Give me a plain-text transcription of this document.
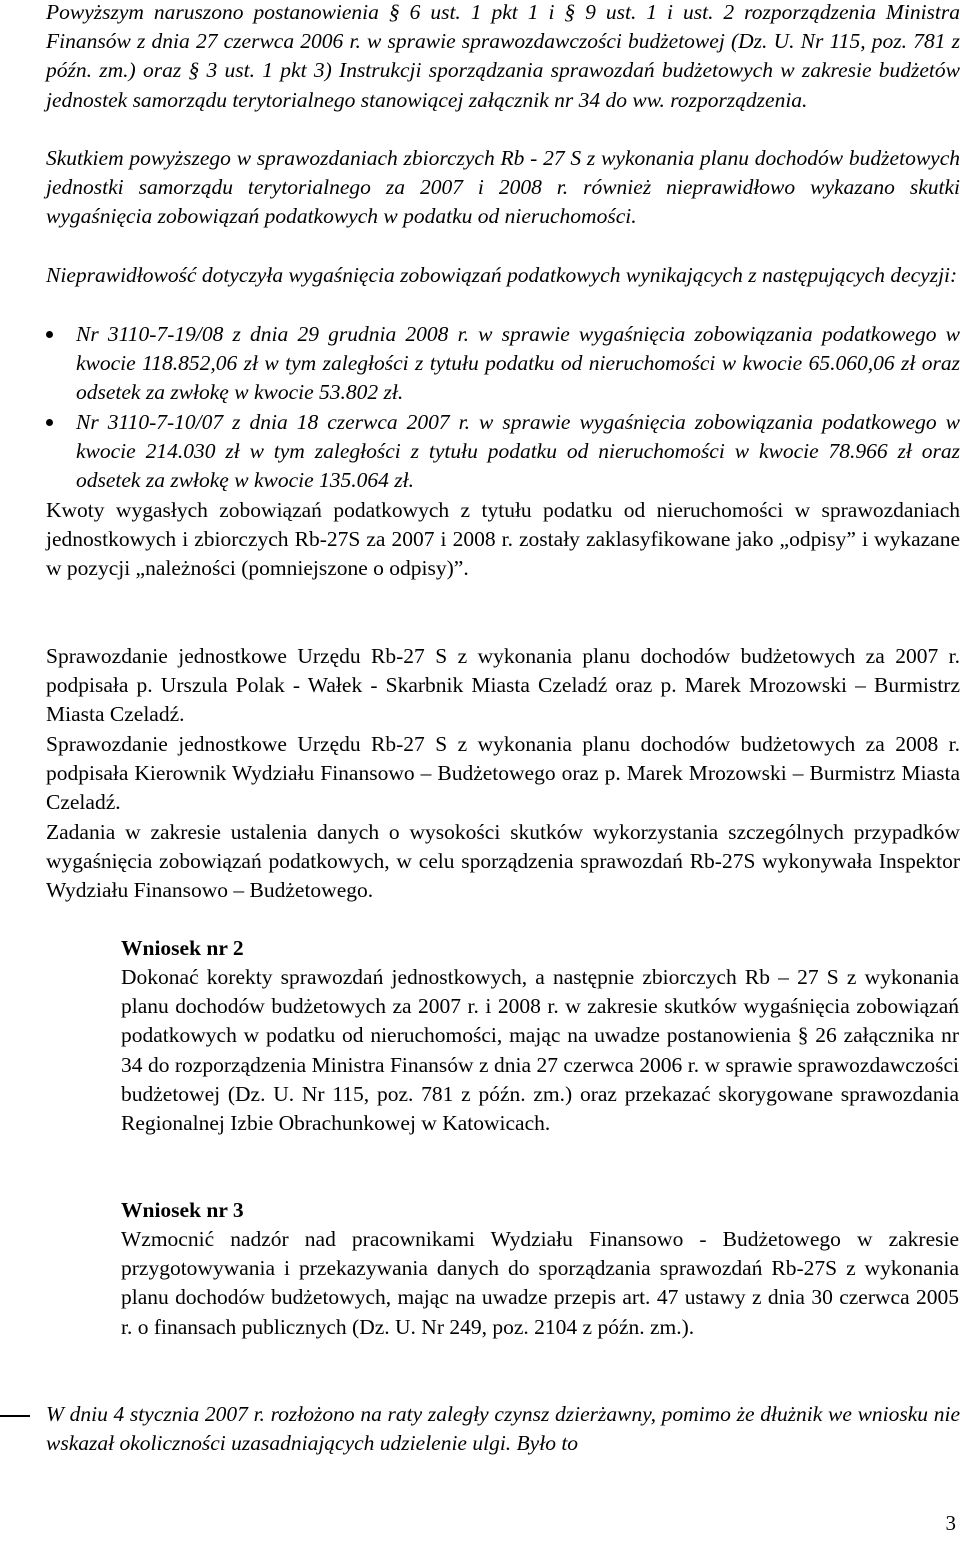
Powyższym naruszono postanowienia § 6 ust. 1 pkt 1 i § 9 ust. 1 i ust. 2 rozporządzenia Ministra Finansów z dnia 27 czerwca 2006 r. w sprawie sprawozdawczości budżetowej (Dz. U. Nr 115, poz. 781 z późn. zm.) oraz § 3 ust. 1 pkt 3) Instrukcji sporządzania sprawozdań budżetowych w zakresie budżetów jednostek samorządu terytorialnego stanowiącej załącznik nr 34 do ww. rozporządzenia.

Skutkiem powyższego w sprawozdaniach zbiorczych Rb - 27 S z wykonania planu dochodów budżetowych jednostki samorządu terytorialnego za 2007 i 2008 r. również nieprawidłowo wykazano skutki wygaśnięcia zobowiązań podatkowych w podatku od nieruchomości.

Nieprawidłowość dotyczyła wygaśnięcia zobowiązań podatkowych wynikających z następujących decyzji:

Nr 3110-7-19/08 z dnia 29 grudnia 2008 r. w sprawie wygaśnięcia zobowiązania podatkowego w kwocie 118.852,06 zł w tym zaległości z tytułu podatku od nieruchomości w kwocie 65.060,06 zł oraz odsetek za zwłokę w kwocie 53.802 zł.

Nr 3110-7-10/07 z dnia 18 czerwca 2007 r. w sprawie wygaśnięcia zobowiązania podatkowego w kwocie 214.030 zł w tym zaległości z tytułu podatku od nieruchomości w kwocie 78.966 zł oraz odsetek za zwłokę w kwocie 135.064 zł.

Kwoty wygasłych zobowiązań podatkowych z tytułu podatku od nieruchomości w sprawozdaniach jednostkowych i zbiorczych Rb-27S za 2007 i 2008 r. zostały zaklasyfikowane jako „odpisy” i wykazane w pozycji „należności (pomniejszone o odpisy)”.

Sprawozdanie jednostkowe Urzędu Rb-27 S z wykonania planu dochodów budżetowych za 2007 r. podpisała p. Urszula Polak - Wałek - Skarbnik Miasta Czeladź oraz p. Marek Mrozowski – Burmistrz Miasta Czeladź.

Sprawozdanie jednostkowe Urzędu Rb-27 S z wykonania planu dochodów budżetowych za 2008 r. podpisała Kierownik Wydziału Finansowo – Budżetowego oraz p. Marek Mrozowski – Burmistrz Miasta Czeladź.

Zadania w zakresie ustalenia danych o wysokości skutków wykorzystania szczególnych przypadków wygaśnięcia zobowiązań podatkowych, w celu sporządzenia sprawozdań Rb-27S wykonywała Inspektor Wydziału Finansowo – Budżetowego.

Wniosek nr 2

Dokonać korekty sprawozdań jednostkowych, a następnie zbiorczych Rb – 27 S z wykonania planu dochodów budżetowych za 2007 r. i 2008 r. w zakresie skutków wygaśnięcia zobowiązań podatkowych w podatku od nieruchomości, mając na uwadze postanowienia § 26 załącznika nr 34 do rozporządzenia Ministra Finansów z dnia 27 czerwca 2006 r. w sprawie sprawozdawczości budżetowej (Dz. U. Nr 115, poz. 781 z późn. zm.) oraz przekazać skorygowane sprawozdania Regionalnej Izbie Obrachunkowej w Katowicach.

Wniosek nr 3

Wzmocnić nadzór nad pracownikami Wydziału Finansowo - Budżetowego w zakresie przygotowywania i przekazywania danych do sporządzania sprawozdań Rb-27S z wykonania planu dochodów budżetowych, mając na uwadze przepis art. 47 ustawy z dnia 30 czerwca 2005 r. o finansach publicznych (Dz. U. Nr 249, poz. 2104 z późn. zm.).

W dniu 4 stycznia 2007 r. rozłożono na raty zaległy czynsz dzierżawny, pomimo że dłużnik we wniosku nie wskazał okoliczności uzasadniających udzielenie ulgi. Było to

3
